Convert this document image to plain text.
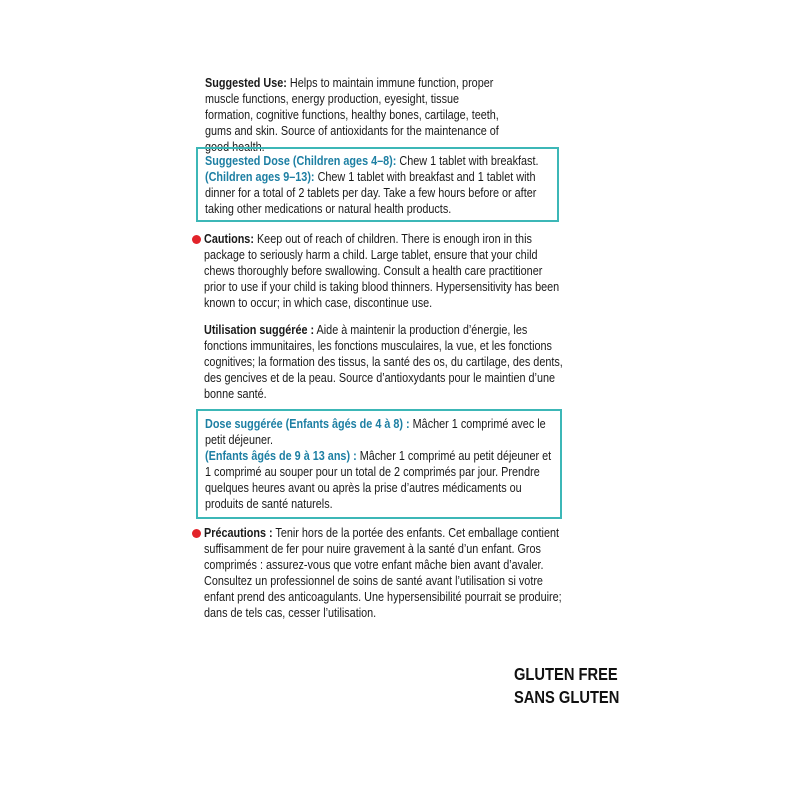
Suggested Use: Helps to maintain immune function, proper muscle functions, energy production, eyesight, tissue formation, cognitive functions, healthy bones, cartilage, teeth, gums and skin. Source of antioxidants for the maintenance of good health.

Suggested Dose (Children ages 4–8): Chew 1 tablet with breakfast.
(Children ages 9–13): Chew 1 tablet with breakfast and 1 tablet with dinner for a total of 2 tablets per day. Take a few hours before or after taking other medications or natural health products.

Cautions: Keep out of reach of children. There is enough iron in this package to seriously harm a child. Large tablet, ensure that your child chews thoroughly before swallowing. Consult a health care practitioner prior to use if your child is taking blood thinners. Hypersensitivity has been known to occur; in which case, discontinue use.

Utilisation suggérée : Aide à maintenir la production d’énergie, les fonctions immunitaires, les fonctions musculaires, la vue, et les fonctions cognitives; la formation des tissus, la santé des os, du cartilage, des dents, des gencives et de la peau. Source d’antioxydants pour le maintien d’une bonne santé.

Dose suggérée (Enfants âgés de 4 à 8) : Mâcher 1 comprimé avec le petit déjeuner.
(Enfants âgés de 9 à 13 ans) : Mâcher 1 comprimé au petit déjeuner et 1 comprimé au souper pour un total de 2 comprimés par jour. Prendre quelques heures avant ou après la prise d’autres médicaments ou produits de santé naturels.

Précautions : Tenir hors de la portée des enfants. Cet emballage contient suffisamment de fer pour nuire gravement à la santé d’un enfant. Gros comprimés : assurez-vous que votre enfant mâche bien avant d’avaler. Consultez un professionnel de soins de santé avant l’utilisation si votre enfant prend des anticoagulants. Une hypersensibilité pourrait se produire; dans de tels cas, cesser l’utilisation.

GLUTEN FREE
SANS GLUTEN
